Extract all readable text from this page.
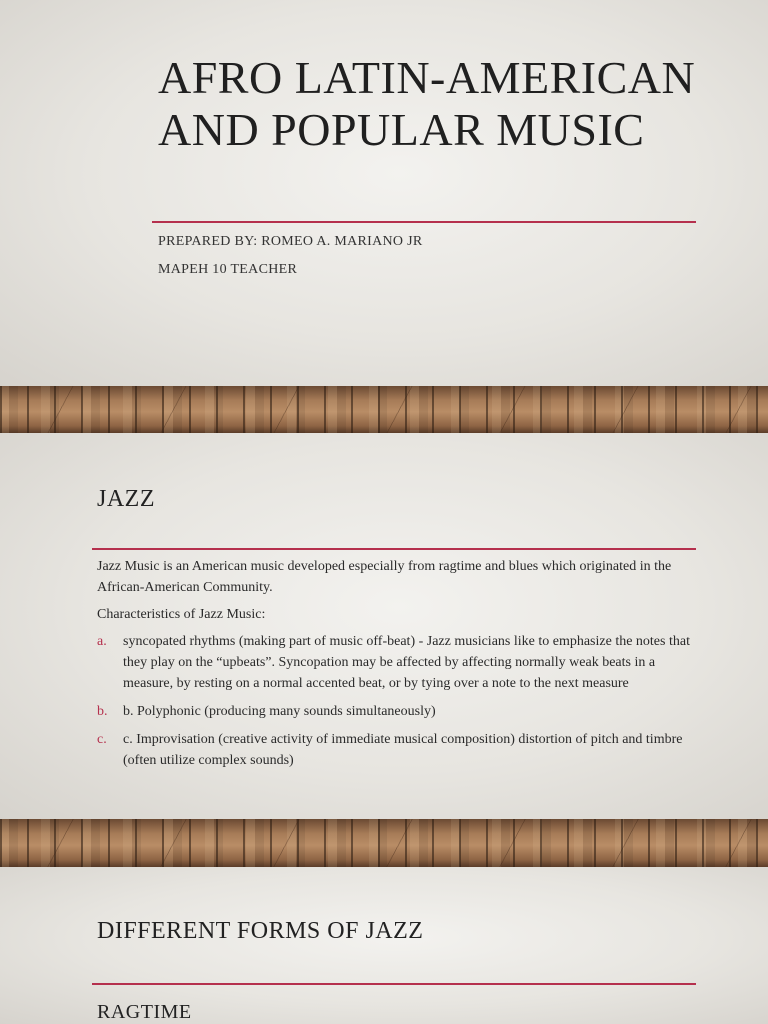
AFRO LATIN-AMERICAN AND POPULAR MUSIC
PREPARED BY: ROMEO A. MARIANO JR
MAPEH 10 TEACHER
JAZZ

Jazz Music is an American music developed especially from ragtime and blues which originated in the African-American Community.

Characteristics of Jazz Music:

a. syncopated rhythms (making part of music off-beat) - Jazz musicians like to emphasize the notes that they play on the “upbeats”. Syncopation may be affected by affecting normally weak beats in a measure, by resting on a normal accented beat, or by tying over a note to the next measure
b. b. Polyphonic (producing many sounds simultaneously)
c. c. Improvisation (creative activity of immediate musical composition) distortion of pitch and timbre (often utilize complex sounds)
DIFFERENT FORMS OF JAZZ
RAGTIME
